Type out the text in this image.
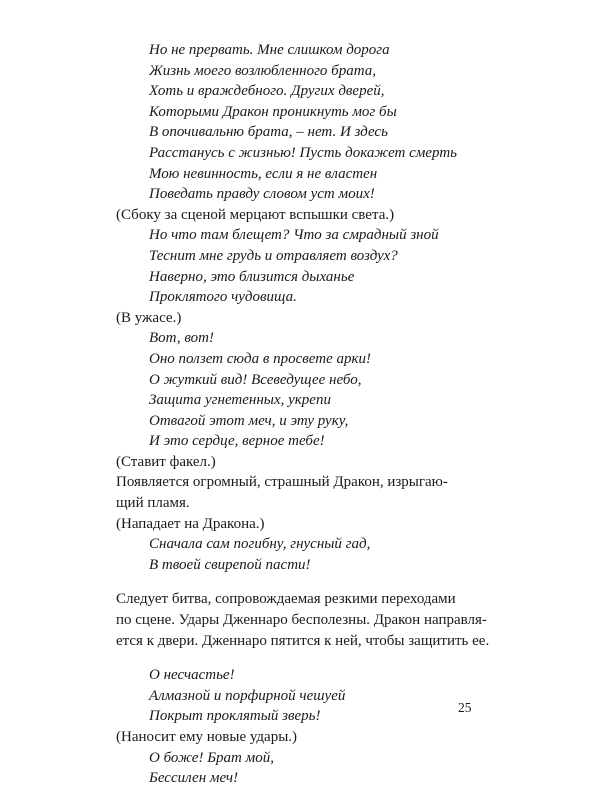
Но не прервать. Мне слишком дорога
Жизнь моего возлюбленного брата,
Хоть и враждебного. Других дверей,
Которыми Дракон проникнуть мог бы
В опочивальню брата, – нет. И здесь
Расстанусь с жизнью! Пусть докажет смерть
Мою невинность, если я не властен
Поведать правду словом уст моих!
(Сбоку за сценой мерцают вспышки света.)
Но что там блещет? Что за смрадный зной
Теснит мне грудь и отравляет воздух?
Наверно, это близится дыханье
Проклятого чудовища.
(В ужасе.)
Вот, вот!
Оно ползет сюда в просвете арки!
О жуткий вид! Всеведущее небо,
Защита угнетенных, укрепи
Отвагой этот меч, и эту руку,
И это сердце, верное тебе!
(Ставит факел.)
Появляется огромный, страшный Дракон, изрыгаю-
щий пламя.
(Нападает на Дракона.)
Сначала сам погибну, гнусный гад,
В твоей свирепой пасти!
Следует битва, сопровождаемая резкими переходами
по сцене. Удары Дженнаро бесполезны. Дракон направля-
ется к двери. Дженнаро пятится к ней, чтобы защитить ее.
О несчастье!
Алмазной и порфирной чешуей
Покрыт проклятый зверь!
(Наносит ему новые удары.)
О боже! Брат мой,
Бессилен меч!
25
